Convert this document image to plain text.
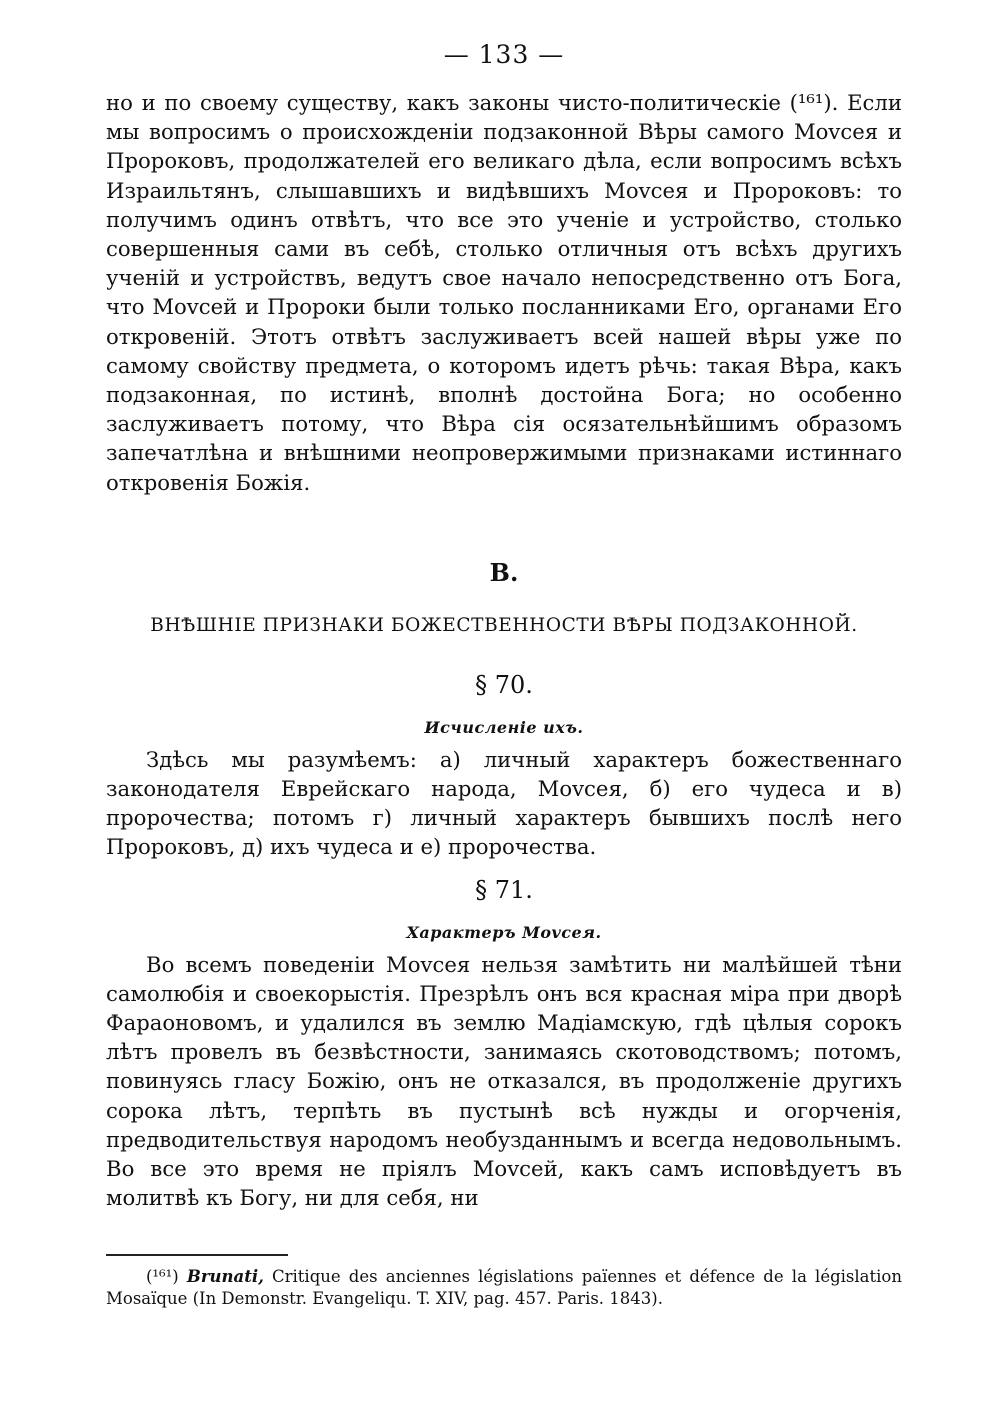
— 133 —

но и по своему существу, какъ законы чисто-политическіе (¹⁶¹). Если мы вопросимъ о происхожденіи подзаконной Вѣры самого Моvсея и Пророковъ, продолжателей его великаго дѣла, если вопросимъ всѣхъ Израильтянъ, слышавшихъ и видѣвшихъ Моvсея и Пророковъ: то получимъ одинъ отвѣтъ, что все это ученіе и устройство, столько совершенныя сами въ себѣ, столько отличныя отъ всѣхъ другихъ ученій и устройствъ, ведутъ свое начало непосредственно отъ Бога, что Моvсей и Пророки были только посланниками Его, органами Его откровеній. Этотъ отвѣтъ заслуживаетъ всей нашей вѣры уже по самому свойству предмета, о которомъ идетъ рѣчь: такая Вѣра, какъ подзаконная, по истинѣ, вполнѣ достойна Бога; но особенно заслуживаетъ потому, что Вѣра сія осязательнѣйшимъ образомъ запечатлѣна и внѣшними неопровержимыми признаками истиннаго откровенія Божія.

B.
ВНѢШНІЕ ПРИЗНАКИ БОЖЕСТВЕННОСТИ ВѢРЫ ПОДЗАКОННОЙ.
§ 70.
Исчисленіе ихъ.

Здѣсь мы разумѣемъ: а) личный характеръ божественнаго законодателя Еврейскаго народа, Моvсея, б) его чудеса и в) пророчества; потомъ г) личный характеръ бывшихъ послѣ него Пророковъ, д) ихъ чудеса и е) пророчества.

§ 71.
Характеръ Моvсея.

Во всемъ поведеніи Моvсея нельзя замѣтить ни малѣйшей тѣни самолюбія и своекорыстія. Презрѣлъ онъ вся красная міра при дворѣ Фараоновомъ, и удалился въ землю Мадіамскую, гдѣ цѣлыя сорокъ лѣтъ провелъ въ безвѣстности, занимаясь скотоводствомъ; потомъ, повинуясь гласу Божію, онъ не отказался, въ продолженіе другихъ сорока лѣтъ, терпѣть въ пустынѣ всѣ нужды и огорченія, предводительствуя народомъ необузданнымъ и всегда недовольнымъ. Во все это время не пріялъ Моvсей, какъ самъ исповѣдуетъ въ молитвѣ къ Богу, ни для себя, ни

(¹⁶¹) Brunati, Critique des anciennes législations païennes et défence de la législation Mosaïque (In Demonstr. Evangeliqu. T. XIV, pag. 457. Paris. 1843).
